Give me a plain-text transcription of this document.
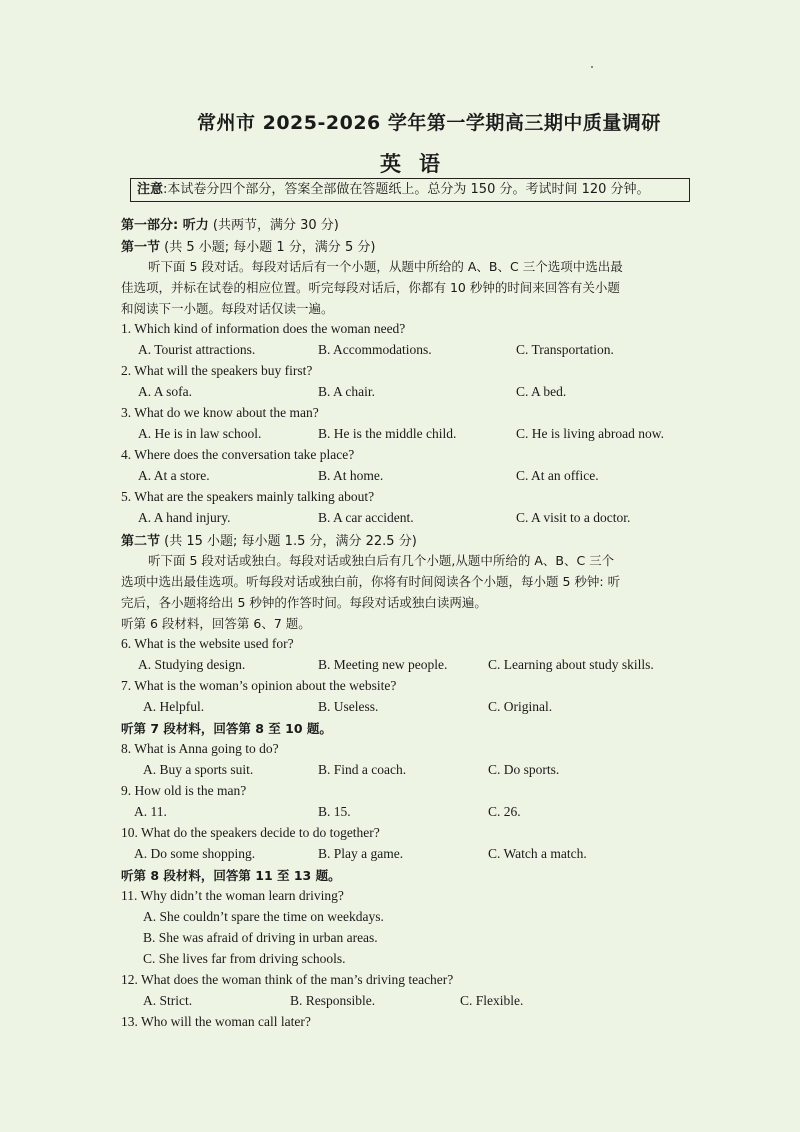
常州市 2025-2026 学年第一学期高三期中质量调研
英语
注意:本试卷分四个部分，答案全部做在答题纸上。总分为 150 分。考试时间 120 分钟。
第一部分: 听力 (共两节，满分 30 分)
第一节 (共 5 小题; 每小题 1 分，满分 5 分)
听下面 5 段对话。每段对话后有一个小题，从题中所给的 A、B、C 三个选项中选出最
佳选项，并标在试卷的相应位置。听完每段对话后，你都有 10 秒钟的时间来回答有关小题
和阅读下一小题。每段对话仅读一遍。
1. Which kind of information does the woman need?
A. Tourist attractions.	B. Accommodations.	C. Transportation.
2. What will the speakers buy first?
A. A sofa.	B. A chair.	C. A bed.
3. What do we know about the man?
A. He is in law school.	B. He is the middle child.	C. He is living abroad now.
4. Where does the conversation take place?
A. At a store.	B. At home.	C. At an office.
5. What are the speakers mainly talking about?
A. A hand injury.	B. A car accident.	C. A visit to a doctor.
第二节 (共 15 小题; 每小题 1.5 分，满分 22.5 分)
听下面 5 段对话或独白。每段对话或独白后有几个小题,从题中所给的 A、B、C 三个
选项中选出最佳选项。听每段对话或独白前，你将有时间阅读各个小题，每小题 5 秒钟: 听
完后，各小题将给出 5 秒钟的作答时间。每段对话或独白读两遍。
听第 6 段材料，回答第 6、7 题。
6. What is the website used for?
A. Studying design.	B. Meeting new people.	C. Learning about study skills.
7. What is the woman’s opinion about the website?
A. Helpful.	B. Useless.	C. Original.
听第 7 段材料，回答第 8 至 10 题。
8. What is Anna going to do?
A. Buy a sports suit.	B. Find a coach.	C. Do sports.
9. How old is the man?
A. 11.	B. 15.	C. 26.
10. What do the speakers decide to do together?
A. Do some shopping.	B. Play a game.	C. Watch a match.
听第 8 段材料，回答第 11 至 13 题。
11. Why didn’t the woman learn driving?
A. She couldn’t spare the time on weekdays.
B. She was afraid of driving in urban areas.
C. She lives far from driving schools.
12. What does the woman think of the man’s driving teacher?
A. Strict.	B. Responsible.	C. Flexible.
13. Who will the woman call later?
